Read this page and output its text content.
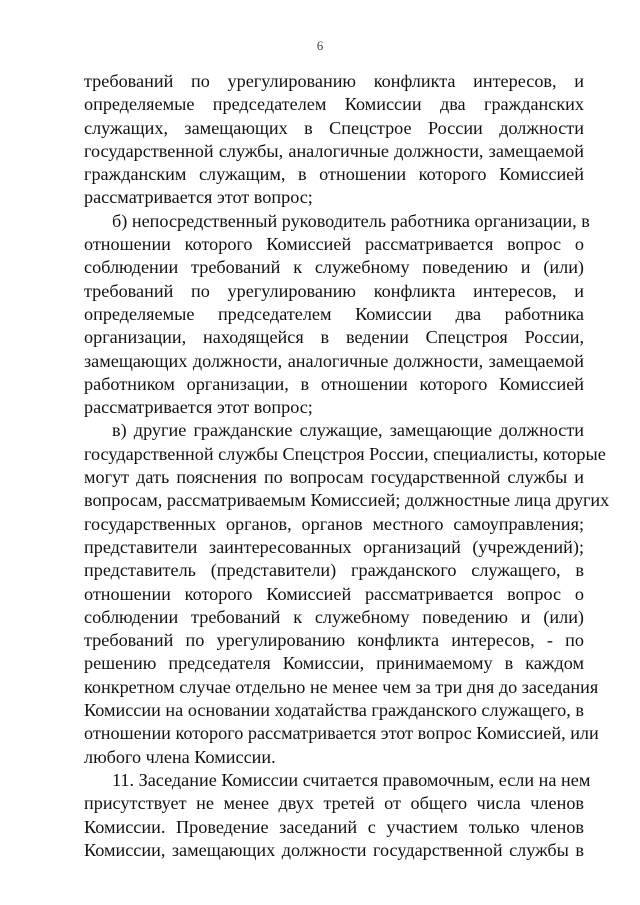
6
требований по урегулированию конфликта интересов, и
определяемые председателем Комиссии два гражданских
служащих, замещающих в Спецстрое России должности
государственной службы, аналогичные должности, замещаемой
гражданским служащим, в отношении которого Комиссией
рассматривается этот вопрос;
б) непосредственный руководитель работника организации, в
отношении которого Комиссией рассматривается вопрос о
соблюдении требований к служебному поведению и (или)
требований по урегулированию конфликта интересов, и
определяемые председателем Комиссии два работника
организации, находящейся в ведении Спецстроя России,
замещающих должности, аналогичные должности, замещаемой
работником организации, в отношении которого Комиссией
рассматривается этот вопрос;
в) другие гражданские служащие, замещающие должности
государственной службы Спецстроя России, специалисты, которые
могут дать пояснения по вопросам государственной службы и
вопросам, рассматриваемым Комиссией; должностные лица других
государственных органов, органов местного самоуправления;
представители заинтересованных организаций (учреждений);
представитель (представители) гражданского служащего, в
отношении которого Комиссией рассматривается вопрос о
соблюдении требований к служебному поведению и (или)
требований по урегулированию конфликта интересов, - по
решению председателя Комиссии, принимаемому в каждом
конкретном случае отдельно не менее чем за три дня до заседания
Комиссии на основании ходатайства гражданского служащего, в
отношении которого рассматривается этот вопрос Комиссией, или
любого члена Комиссии.
11. Заседание Комиссии считается правомочным, если на нем
присутствует не менее двух третей от общего числа членов
Комиссии. Проведение заседаний с участием только членов
Комиссии, замещающих должности государственной службы в
